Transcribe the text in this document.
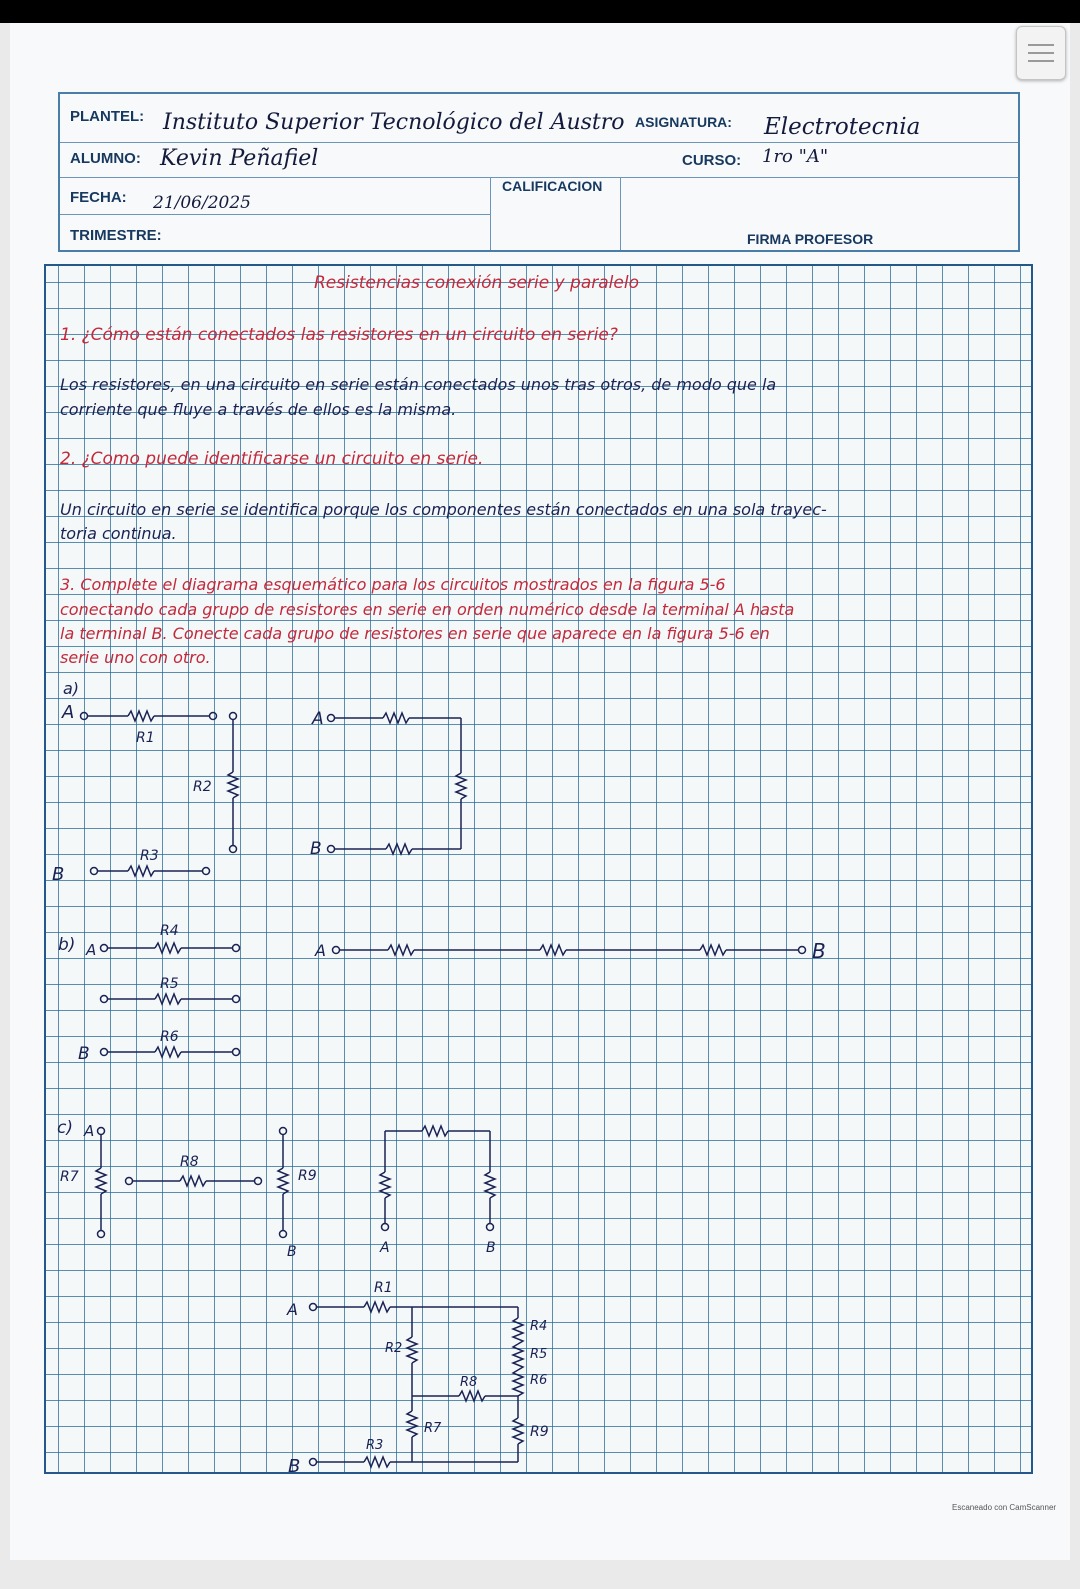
PLANTEL: Instituto Superior Tecnológico del Austro ASIGNATURA: Electrotecnia
ALUMNO: Kevin Peñafiel	CURSO: 1ro "A"
FECHA: 21/06/2025
CALIFICACION
TRIMESTRE:	FIRMA PROFESOR
Resistencias conexión serie y paralelo
1. ¿Cómo están conectados las resistores en un circuito en serie?
Los resistores, en una circuito en serie están conectados unos tras otros, de modo que la
corriente que fluye a través de ellos es la misma.
2. ¿Como puede identificarse un circuito en serie.
Un circuito en serie se identifica porque los componentes están conectados en una sola trayec-
toria continua.
3. Complete el diagrama esquemático para los circuitos mostrados en la figura 5-6
conectando cada grupo de resistores en serie en orden numérico desde la terminal A hasta
la terminal B. Conecte cada grupo de resistores en serie que aparece en la figura 5-6 en
serie uno con otro.
a)
A
R1
R2
R3
B
A
B
b) A
R4
R5
R6
B
A	B
c) A
R7
R8
R9
B	A	B
A
R1
R2
R8
R7
R3
R4
R5
R6
R9
B
Escaneado con CamScanner
